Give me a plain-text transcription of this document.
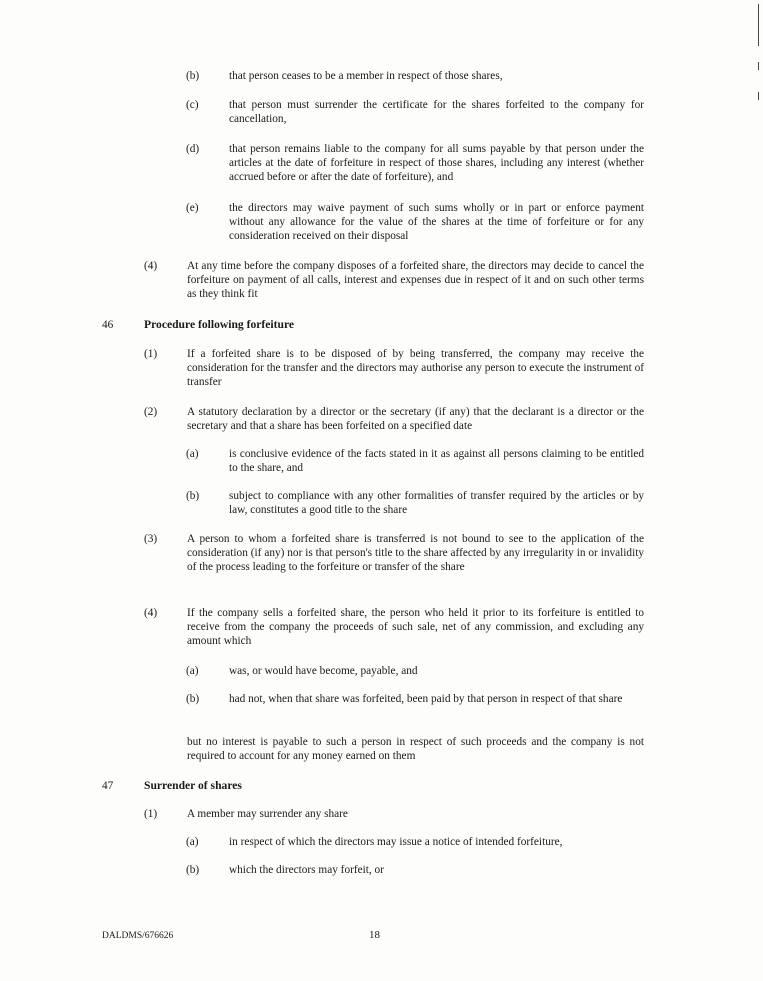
(b)	that person ceases to be a member in respect of those shares,
(c)	that person must surrender the certificate for the shares forfeited to the company for cancellation,
(d)	that person remains liable to the company for all sums payable by that person under the articles at the date of forfeiture in respect of those shares, including any interest (whether accrued before or after the date of forfeiture), and
(e)	the directors may waive payment of such sums wholly or in part or enforce payment without any allowance for the value of the shares at the time of forfeiture or for any consideration received on their disposal
(4)	At any time before the company disposes of a forfeited share, the directors may decide to cancel the forfeiture on payment of all calls, interest and expenses due in respect of it and on such other terms as they think fit
46	Procedure following forfeiture
(1)	If a forfeited share is to be disposed of by being transferred, the company may receive the consideration for the transfer and the directors may authorise any person to execute the instrument of transfer
(2)	A statutory declaration by a director or the secretary (if any) that the declarant is a director or the secretary and that a share has been forfeited on a specified date
(a)	is conclusive evidence of the facts stated in it as against all persons claiming to be entitled to the share, and
(b)	subject to compliance with any other formalities of transfer required by the articles or by law, constitutes a good title to the share
(3)	A person to whom a forfeited share is transferred is not bound to see to the application of the consideration (if any) nor is that person's title to the share affected by any irregularity in or invalidity of the process leading to the forfeiture or transfer of the share
(4)	If the company sells a forfeited share, the person who held it prior to its forfeiture is entitled to receive from the company the proceeds of such sale, net of any commission, and excluding any amount which
(a)	was, or would have become, payable, and
(b)	had not, when that share was forfeited, been paid by that person in respect of that share
but no interest is payable to such a person in respect of such proceeds and the company is not required to account for any money earned on them
47	Surrender of shares
(1)	A member may surrender any share
(a)	in respect of which the directors may issue a notice of intended forfeiture,
(b)	which the directors may forfeit, or
DALDMS/676626	18
